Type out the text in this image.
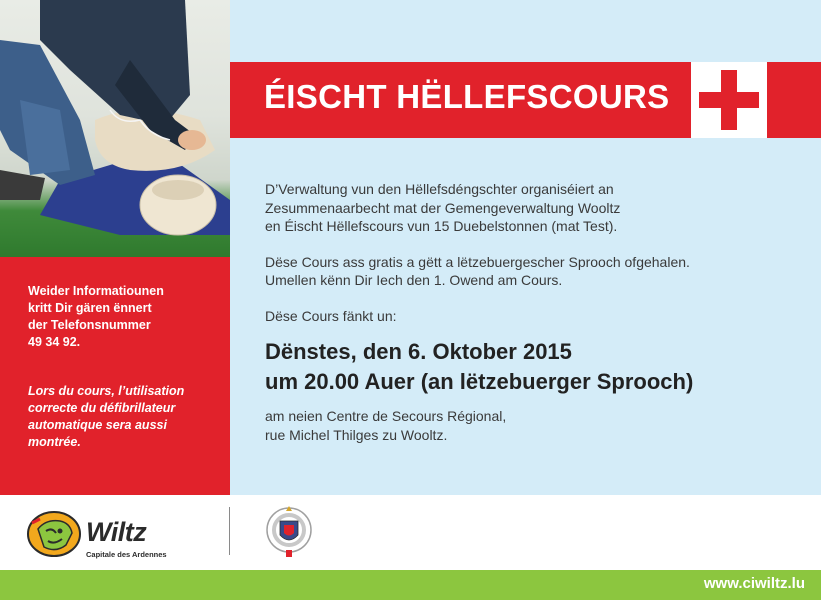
Weider Informatiounen
kritt Dir gären ënnert
der Telefonsnummer
49 34 92.
Lors du cours, l’utilisation
correcte du défibrillateur
automatique sera aussi
montrée.
ÉISCHT HËLLEFSCOURS
D’Verwaltung vun den Hëllefsdéngschter organiséiert an
Zesummenaarbecht mat der Gemengeverwaltung Wooltz
en Éischt Hëllefscours vun 15 Duebelstonnen (mat Test).
Dëse Cours ass gratis a gëtt a lëtzebuergescher Sprooch ofgehalen.
Umellen kënn Dir Iech den 1. Owend am Cours.
Dëse Cours fänkt un:
Dënstes, den 6. Oktober 2015
um 20.00 Auer (an lëtzebuerger Sprooch)
am neien Centre de Secours Régional,
rue Michel Thilges zu Wooltz.
Wiltz
Capitale des Ardennes
www.ciwiltz.lu
